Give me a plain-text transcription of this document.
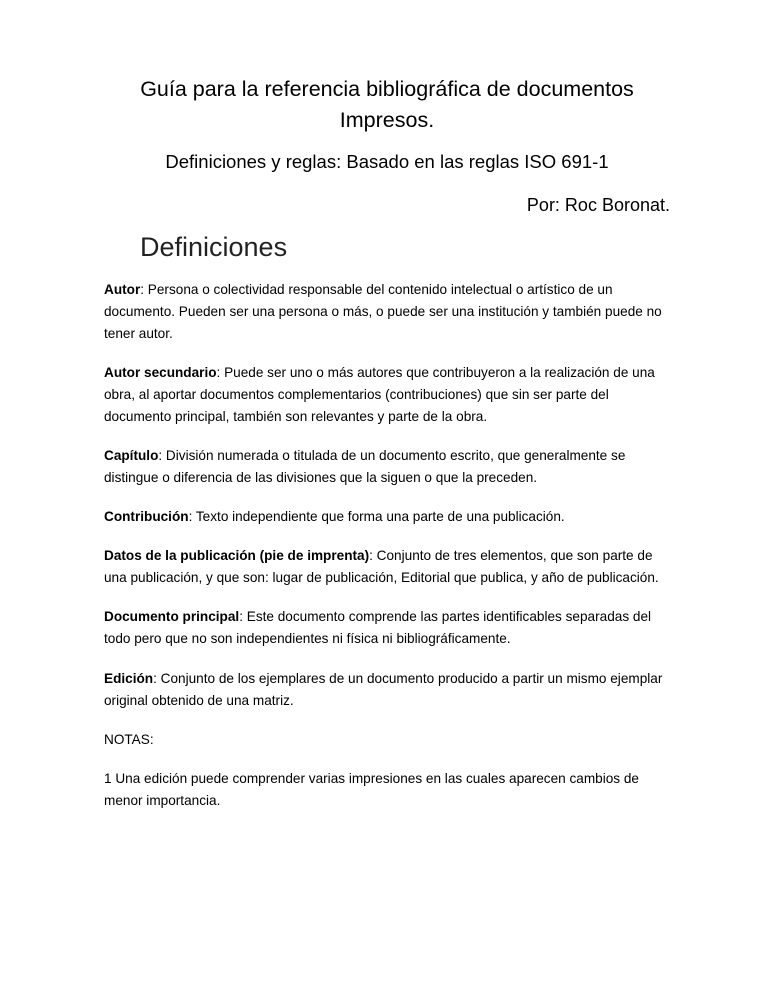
Guía para la referencia bibliográfica de documentos Impresos.
Definiciones y reglas: Basado en las reglas ISO 691-1
Por: Roc Boronat.
Definiciones

Autor: Persona o colectividad responsable del contenido intelectual o artístico de un documento. Pueden ser una persona o más, o puede ser una institución y también puede no tener autor.

Autor secundario: Puede ser uno o más autores que contribuyeron a la realización de una obra, al aportar documentos complementarios (contribuciones) que sin ser parte del documento principal, también son relevantes y parte de la obra.

Capítulo: División numerada o titulada de un documento escrito, que generalmente se distingue o diferencia de las divisiones que la siguen o que la preceden.

Contribución: Texto independiente que forma una parte de una publicación.

Datos de la publicación (pie de imprenta): Conjunto de tres elementos, que son parte de una publicación, y que son: lugar de publicación, Editorial que publica, y año de publicación.

Documento principal: Este documento comprende las partes identificables separadas del todo pero que no son independientes ni física ni bibliográficamente.

Edición: Conjunto de los ejemplares de un documento producido a partir un mismo ejemplar original obtenido de una matriz.

NOTAS:

1 Una edición puede comprender varias impresiones en las cuales aparecen cambios de menor importancia.
